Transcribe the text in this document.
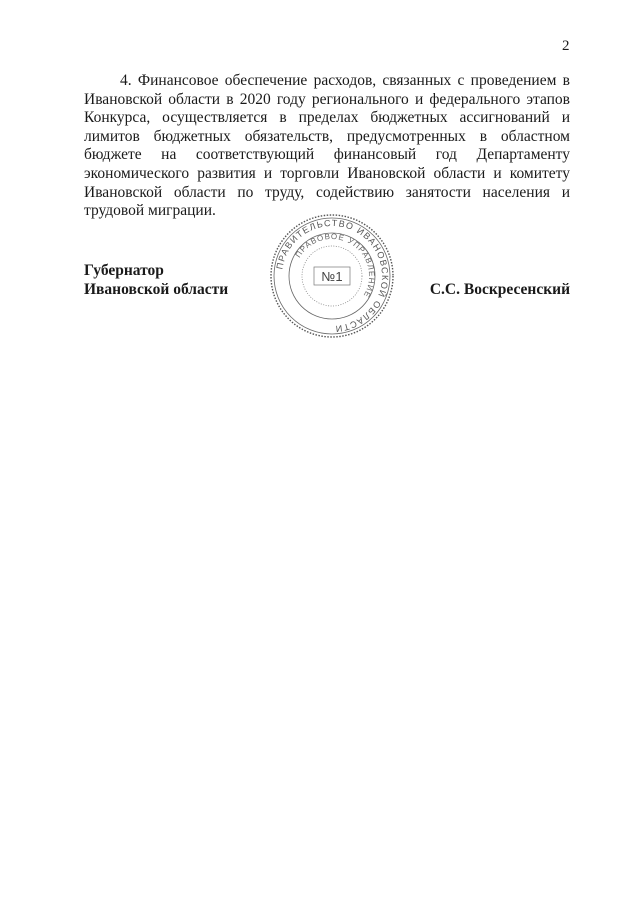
2

4. Финансовое обеспечение расходов, связанных с проведением в Ивановской области в 2020 году регионального и федерального этапов Конкурса, осуществляется в пределах бюджетных ассигнований и лимитов бюджетных обязательств, предусмотренных в областном бюджете на соответствующий финансовый год Департаменту экономического развития и торговли Ивановской области и комитету Ивановской области по труду, содействию занятости населения и трудовой миграции.

Губернатор
Ивановской области	С.С. Воскресенский
ПРАВИТЕЛЬСТВО ИВАНОВСКОЙ ОБЛАСТИ
ПРАВОВОЕ УПРАВЛЕНИЕ
№1
